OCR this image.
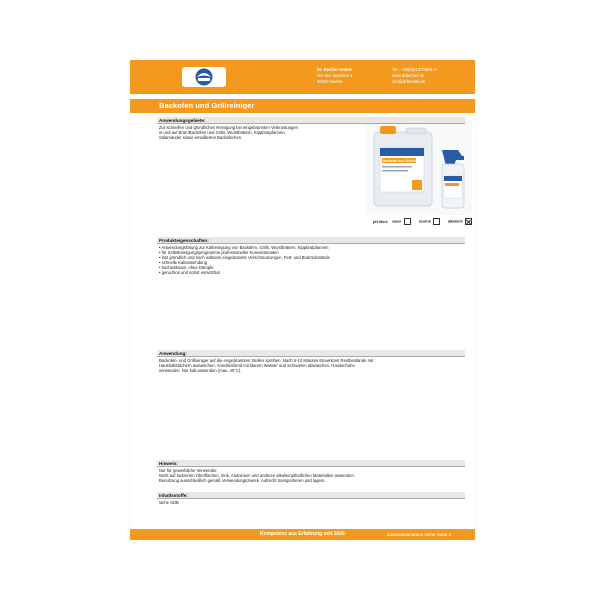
Dr. Becher GmbH
Vor den Specken 3
30926 Seelze
Tel.: +49(0)5137/9901-0
www.drbecher.de
info@drbecher.de
Backofen und Grillreiniger
Backofen und Grillreiniger
pH-Wert: sauer	neutral	alkalisch
Anwendungsgebiete:
Zur schnellen und gründlichen Reinigung bei eingebrannten Verkrustungen
in und auf Brat-/Backöfen und Grills, Wurstbrätern, Kippbratpfannen,
Salamander sowie emaillierten Backblechen.
Produkteigenschaften:
• Anwendungslösung zur Kaltreinigung von Backöfen, Grills, Wurstbrätern, Kippbratpfannen
• für Selbstreinigungsprogramme professioneller Konvektomaten
• löst gründlich und hoch wirksam eingebrannte Verschmutzungen, Fett- und Bratrückstände
• schnelle Kaltanwendung
• hochwirksam, ohne Dämpfe
• geruchlos und sofort einsetzbar
Anwendung:
Backofen- und Grillreiniger auf die eingebrannten Stellen sprühen. Nach 5-10 Minuten Einwirkzeit Restbestände mit
Haushaltstüchern auswischen. Anschließend mit klarem Wasser und Schwamm abwaschen. Handschuhe
verwenden. Nur kalt anwenden (max. 40°C).
Hinweis:
Nur für gewerbliche Verwender.
Nicht auf lackierten Oberflächen, Zink, Aluminium und anderen alkaliempfindlichen Materialien anwenden.
Benutzung ausschließlich gemäß Verwendungszweck. Aufrecht transportieren und lagern.
Inhaltsstoffe:
siehe SDB
Kompetenz aus Erfahrung seit 1896	Gebindevarianten siehe Seite 2
